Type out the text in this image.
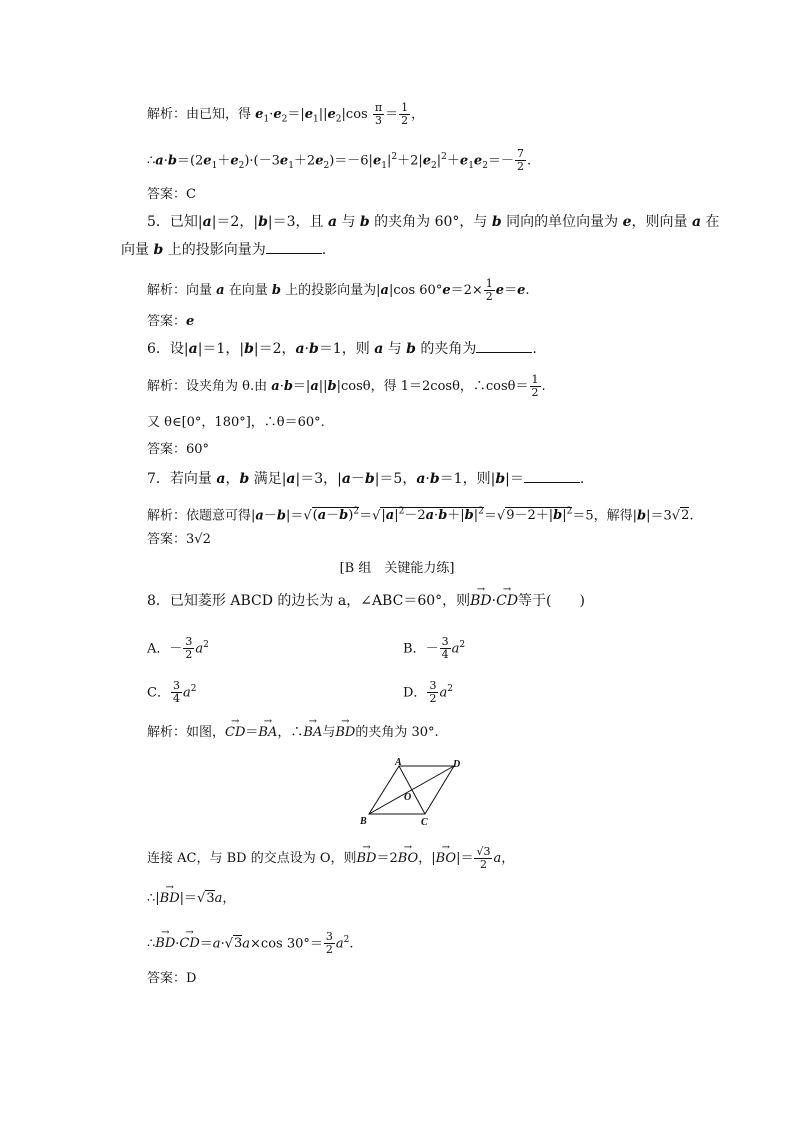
解析：由已知，得 $e_1\cdot e_2=|e_1||e_2|\cos \frac{\pi}{3} = \frac{1}{2}$ ，
$\therefore a\cdot b=(2e_1+e_2)\cdot(-3e_1+2e_2)=-6|e_1|^2+2|e_2|^2+e_1e_2=- \frac{7}{2}$ .
答案：C
5．已知|a|＝2，|b|＝3，且 a 与 b 的夹角为 60°，与 b 同向的单位向量为 e，则向量 a 在
向量 b 上的投影向量为	.
解析：向量 a 在向量 b 上的投影向量为|a|cos $60^\circ e=2\times \frac{1}{2} e=e$.
答案：e
6．设|a|＝1，|b|＝2，a·b＝1，则 a 与 b 的夹角为	.
解析：设夹角为 θ.由 a·b＝|a||b|cosθ，得 1＝2cosθ，∴cosθ＝ $\frac{1}{2}$ .
又 θ∈[0°，180°]，∴θ＝60°.
答案：60°
7．若向量 a，b 满足|a|＝3，|a－b|＝5，a·b＝1，则|b|＝	.
解析：依题意可得$|a-b|=√(a-b)^2=√|a|^2-2a\cdot b+|b|^2=√9-2+|b|^2=5$，解得|b|＝3√2.
答案：3√2
[B 组　关键能力练]
8．已知菱形 ABCD 的边长为 a，∠ABC＝60°，则→ BD·→ CD等于(　　)
A．－ $\frac{3}{2} a^2$	B．－ $\frac{3}{4} a^2$
C． $\frac{3}{4} a^2$	D． $\frac{3}{2} a^2$
解析：如图，→ CD＝→ BA，∴→ BA与→ BD的夹角为 30°.
A	D
O
B	C
连接 AC，与 BD 的交点设为 O，则→ BD＝2→ BO，|→ $BO|= \frac{√3}{2}$ a，
∴|→ BD|＝√3a，
∴→ BD·→ CD＝a·√3a×cos $30^\circ= \frac{3}{2} a^2$.
答案：D
